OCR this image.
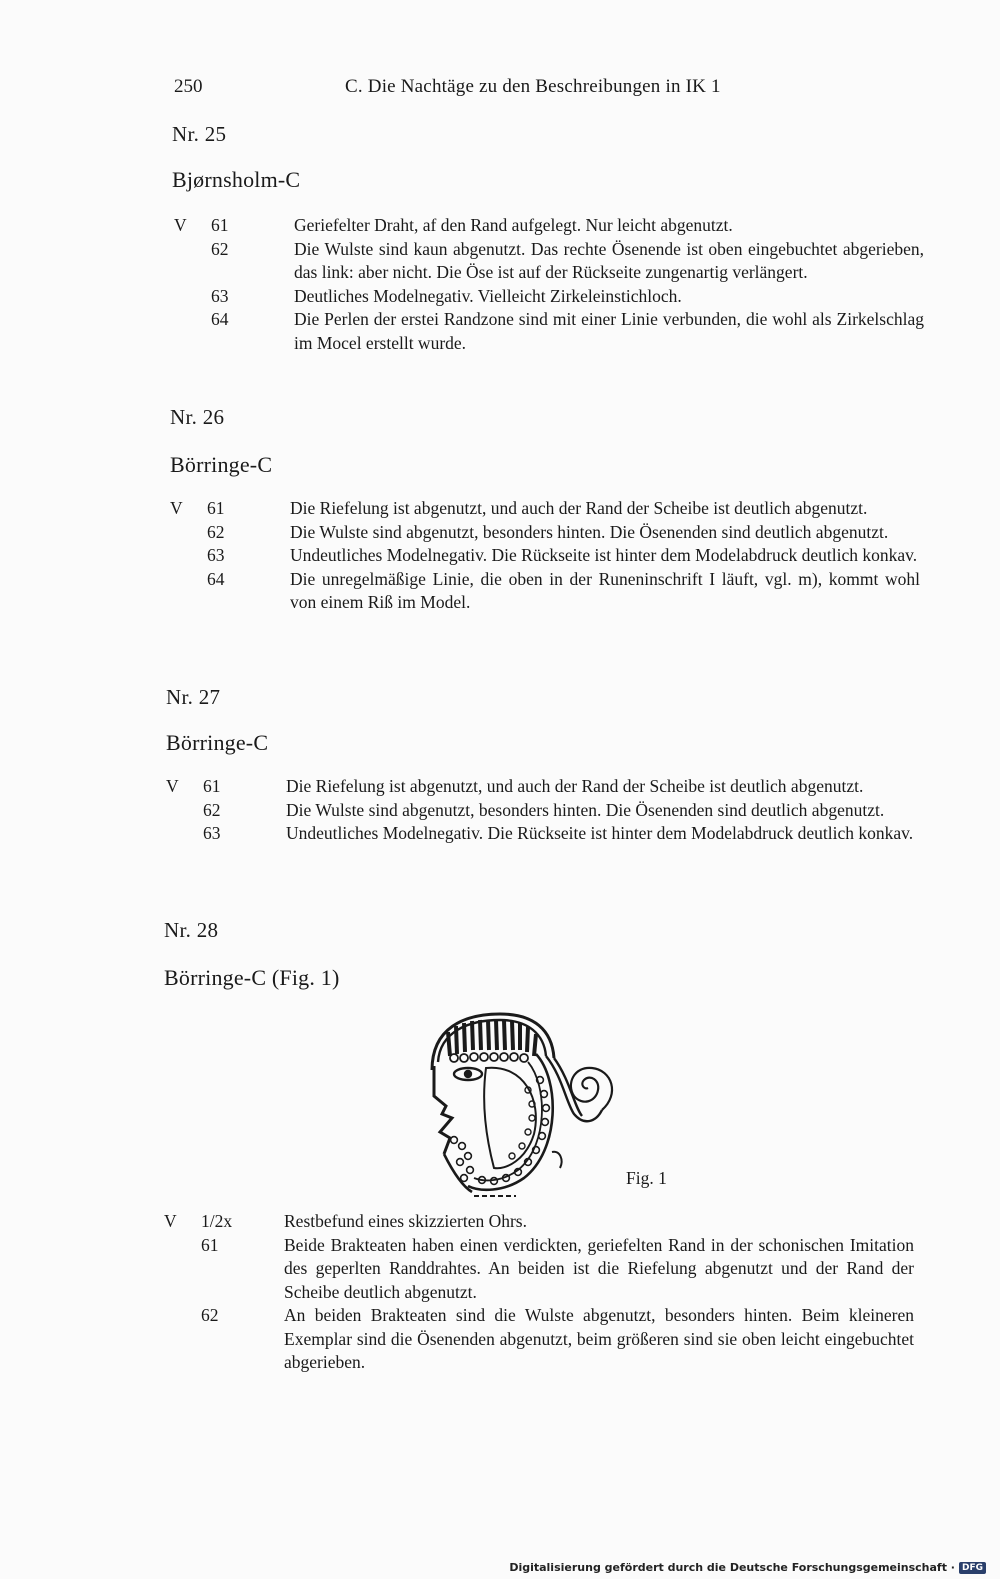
250	C. Die Nachtäge zu den Beschreibungen in IK 1
Nr. 25
Bjørnsholm-C
V 61	Geriefelter Draht, af den Rand aufgelegt. Nur leicht abgenutzt.
62	Die Wulste sind kaun abgenutzt. Das rechte Ösenende ist oben eingebuchtet abgerieben, das link: aber nicht. Die Öse ist auf der Rückseite zungenartig verlängert.
63	Deutliches Modelnegativ. Vielleicht Zirkeleinstichloch.
64	Die Perlen der erstei Randzone sind mit einer Linie verbunden, die wohl als Zirkelschlag im Mocel erstellt wurde.
Nr. 26
Börringe-C
V 61	Die Riefelung ist abgenutzt, und auch der Rand der Scheibe ist deutlich abgenutzt.
62	Die Wulste sind abgenutzt, besonders hinten. Die Ösenenden sind deutlich abgenutzt.
63	Undeutliches Modelnegativ. Die Rückseite ist hinter dem Modelabdruck deutlich konkav.
64	Die unregelmäßige Linie, die oben in der Runeninschrift I läuft, vgl. m), kommt wohl von einem Riß im Model.
Nr. 27
Börringe-C
V 61	Die Riefelung ist abgenutzt, und auch der Rand der Scheibe ist deutlich abgenutzt.
62	Die Wulste sind abgenutzt, besonders hinten. Die Ösenenden sind deutlich abgenutzt.
63	Undeutliches Modelnegativ. Die Rückseite ist hinter dem Modelabdruck deutlich konkav.
Nr. 28
Börringe-C (Fig. 1)
Fig. 1
V 1/2x	Restbefund eines skizzierten Ohrs.
61	Beide Brakteaten haben einen verdickten, geriefelten Rand in der schonischen Imitation des geperlten Randdrahtes. An beiden ist die Riefelung abgenutzt und der Rand der Scheibe deutlich abgenutzt.
62	An beiden Brakteaten sind die Wulste abgenutzt, besonders hinten. Beim kleineren Exemplar sind die Ösenenden abgenutzt, beim größeren sind sie oben leicht eingebuchtet abgerieben.
Digitalisierung gefördert durch die Deutsche Forschungsgemeinschaft · DFG
